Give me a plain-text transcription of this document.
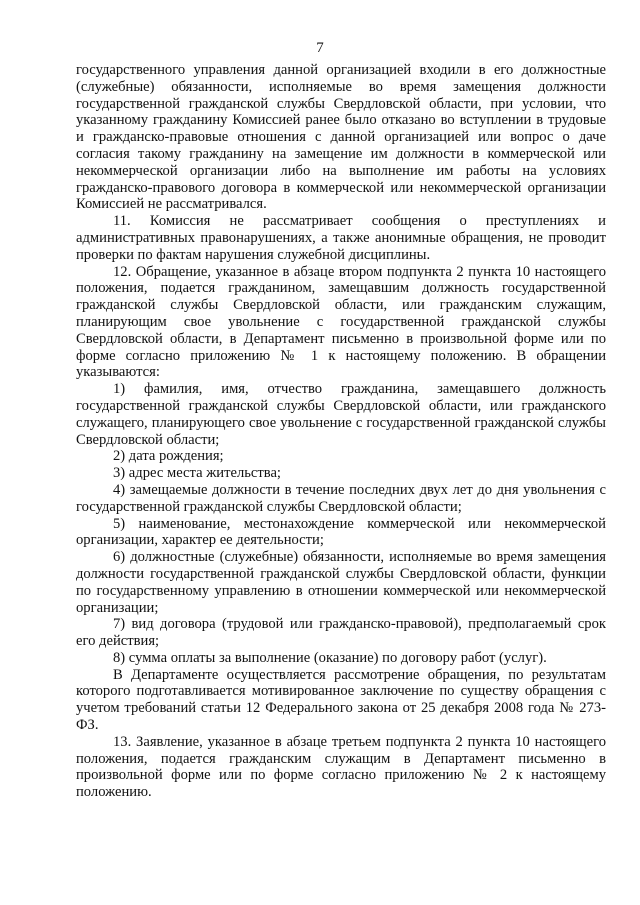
7

государственного управления данной организацией входили в его должностные (служебные) обязанности, исполняемые во время замещения должности государственной гражданской службы Свердловской области, при условии, что указанному гражданину Комиссией ранее было отказано во вступлении в трудовые и гражданско-правовые отношения с данной организацией или вопрос о даче согласия такому гражданину на замещение им должности в коммерческой или некоммерческой организации либо на выполнение им работы на условиях гражданско-правового договора в коммерческой или некоммерческой организации Комиссией не рассматривался.

11. Комиссия не рассматривает сообщения о преступлениях и административных правонарушениях, а также анонимные обращения, не проводит проверки по фактам нарушения служебной дисциплины.

12. Обращение, указанное в абзаце втором подпункта 2 пункта 10 настоящего положения, подается гражданином, замещавшим должность государственной гражданской службы Свердловской области, или гражданским служащим, планирующим свое увольнение с государственной гражданской службы Свердловской области, в Департамент письменно в произвольной форме или по форме согласно приложению № 1 к настоящему положению. В обращении указываются:

1) фамилия, имя, отчество гражданина, замещавшего должность государственной гражданской службы Свердловской области, или гражданского служащего, планирующего свое увольнение с государственной гражданской службы Свердловской области;

2) дата рождения;

3) адрес места жительства;

4) замещаемые должности в течение последних двух лет до дня увольнения с государственной гражданской службы Свердловской области;

5) наименование, местонахождение коммерческой или некоммерческой организации, характер ее деятельности;

6) должностные (служебные) обязанности, исполняемые во время замещения должности государственной гражданской службы Свердловской области, функции по государственному управлению в отношении коммерческой или некоммерческой организации;

7) вид договора (трудовой или гражданско-правовой), предполагаемый срок его действия;

8) сумма оплаты за выполнение (оказание) по договору работ (услуг).

В Департаменте осуществляется рассмотрение обращения, по результатам которого подготавливается мотивированное заключение по существу обращения с учетом требований статьи 12 Федерального закона от 25 декабря 2008 года № 273-ФЗ.

13. Заявление, указанное в абзаце третьем подпункта 2 пункта 10 настоящего положения, подается гражданским служащим в Департамент письменно в произвольной форме или по форме согласно приложению № 2 к настоящему положению.
